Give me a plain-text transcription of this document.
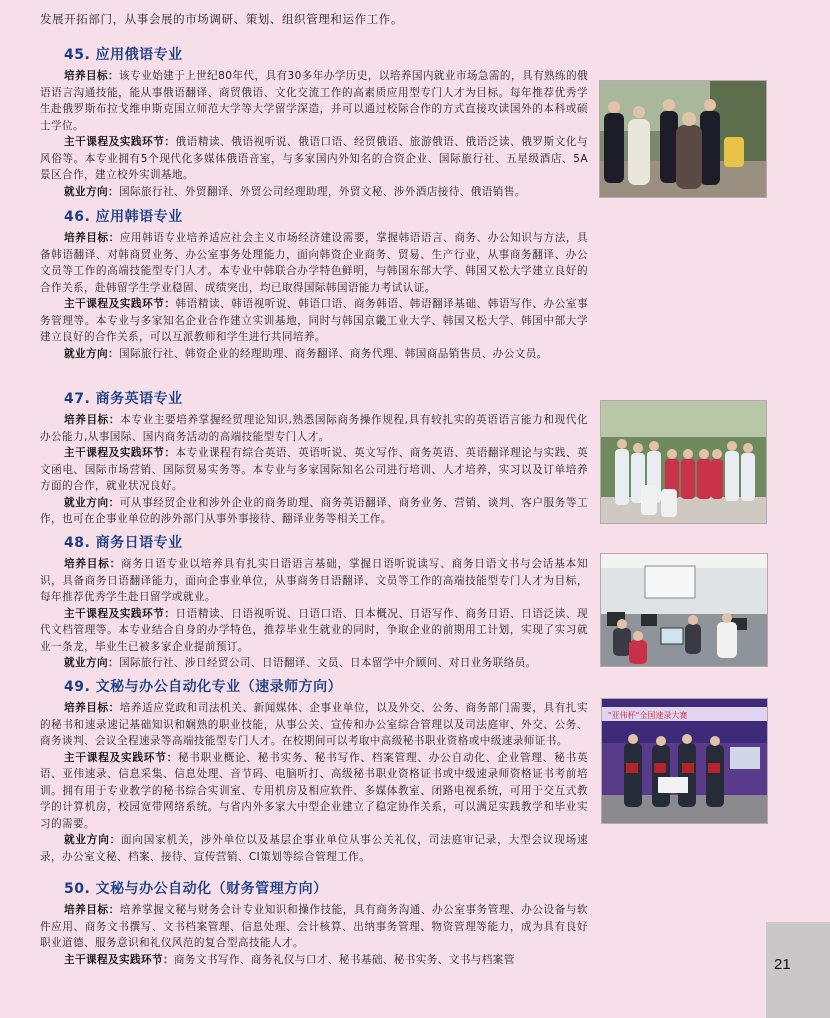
发展开拓部门，从事会展的市场调研、策划、组织管理和运作工作。
45. 应用俄语专业

培养目标：该专业始建于上世纪80年代，具有30多年办学历史，以培养国内就业市场急需的，具有熟练的俄语语言沟通技能，能从事俄语翻译、商贸俄语、文化交流工作的高素质应用型专门人才为目标。每年推荐优秀学生赴俄罗斯布拉戈维申斯克国立师范大学等大学留学深造，并可以通过校际合作的方式直接攻读国外的本科或硕士学位。

主干课程及实践环节：俄语精读、俄语视听说、俄语口语、经贸俄语、旅游俄语、俄语泛读、俄罗斯文化与风俗等。本专业拥有5个现代化多媒体俄语音室，与多家国内外知名的合资企业、国际旅行社、五星级酒店、5A景区合作，建立校外实训基地。

就业方向：国际旅行社、外贸翻译、外贸公司经理助理，外贸文秘、涉外酒店接待、俄语销售。

46. 应用韩语专业

培养目标：应用韩语专业培养适应社会主义市场经济建设需要，掌握韩语语言、商务、办公知识与方法，具备韩语翻译、对韩商贸业务、办公室事务处理能力，面向韩资企业商务、贸易、生产行业，从事商务翻译、办公文员等工作的高端技能型专门人才。本专业中韩联合办学特色鲜明，与韩国东部大学、韩国又松大学建立良好的合作关系，赴韩留学生学业稳固、成绩突出，均已取得国际韩国语能力考试认证。

主干课程及实践环节：韩语精读、韩语视听说、韩语口语、商务韩语、韩语翻译基础、韩语写作、办公室事务管理等。本专业与多家知名企业合作建立实训基地，同时与韩国京畿工业大学、韩国又松大学、韩国中部大学建立良好的合作关系，可以互派教师和学生进行共同培养。

就业方向：国际旅行社、韩资企业的经理助理、商务翻译、商务代理、韩国商品销售员、办公文员。

47. 商务英语专业

培养目标：本专业主要培养掌握经贸理论知识,熟悉国际商务操作规程,具有较扎实的英语语言能力和现代化办公能力,从事国际、国内商务活动的高端技能型专门人才。

主干课程及实践环节：本专业课程有综合英语、英语听说、英文写作、商务英语、英语翻译理论与实践、英文函电、国际市场营销、国际贸易实务等。本专业与多家国际知名公司进行培训、人才培养，实习以及订单培养方面的合作，就业状况良好。

就业方向：可从事经贸企业和涉外企业的商务助理、商务英语翻译、商务业务、营销、谈判、客户服务等工作，也可在企事业单位的涉外部门从事外事接待、翻译业务等相关工作。

48. 商务日语专业

培养目标：商务日语专业以培养具有扎实日语语言基础，掌握日语听说读写、商务日语文书与会话基本知识，具备商务日语翻译能力，面向企事业单位，从事商务日语翻译、文员等工作的高端技能型专门人才为目标，每年推荐优秀学生赴日留学或就业。

主干课程及实践环节：日语精读、日语视听说、日语口语、日本概况、日语写作、商务日语、日语泛读、现代文档管理等。本专业结合自身的办学特色，推荐毕业生就业的同时，争取企业的前期用工计划，实现了实习就业一条龙，毕业生已被多家企业提前预订。

就业方向：国际旅行社、涉日经贸公司、日语翻译、文员、日本留学中介顾问、对日业务联络员。

49. 文秘与办公自动化专业（速录师方向）

培养目标：培养适应党政和司法机关、新闻媒体、企事业单位，以及外交、公务、商务部门需要，具有扎实的秘书和速录速记基础知识和娴熟的职业技能，从事公关、宣传和办公室综合管理以及司法庭审、外交、公务、商务谈判、会议全程速录等高端技能型专门人才。在校期间可以考取中高级秘书职业资格或中级速录师证书。

主干课程及实践环节：秘书职业概论、秘书实务、秘书写作、档案管理、办公自动化、企业管理、秘书英语、亚伟速录、信息采集、信息处理、音节码、电脑听打、高级秘书职业资格证书或中级速录师资格证书考前培训。拥有用于专业教学的秘书综合实训室、专用机房及相应软件、多媒体教室、闭路电视系统，可用于交互式教学的计算机房，校园宽带网络系统。与省内外多家大中型企业建立了稳定协作关系，可以满足实践教学和毕业实习的需要。

就业方向：面向国家机关，涉外单位以及基层企事业单位从事公关礼仪，司法庭审记录，大型会议现场速录，办公室文秘、档案、接待、宣传营销、CI策划等综合管理工作。

50. 文秘与办公自动化（财务管理方向）

培养目标：培养掌握文秘与财务会计专业知识和操作技能，具有商务沟通、办公室事务管理、办公设备与软件应用、商务文书撰写、文书档案管理、信息处理、会计核算、出纳事务管理、物资管理等能力，成为具有良好职业道德、服务意识和礼仪风范的复合型高技能人才。

主干课程及实践环节：商务文书写作、商务礼仪与口才、秘书基础、秘书实务、文书与档案管

"亚伟杯"全国速录大赛
21
